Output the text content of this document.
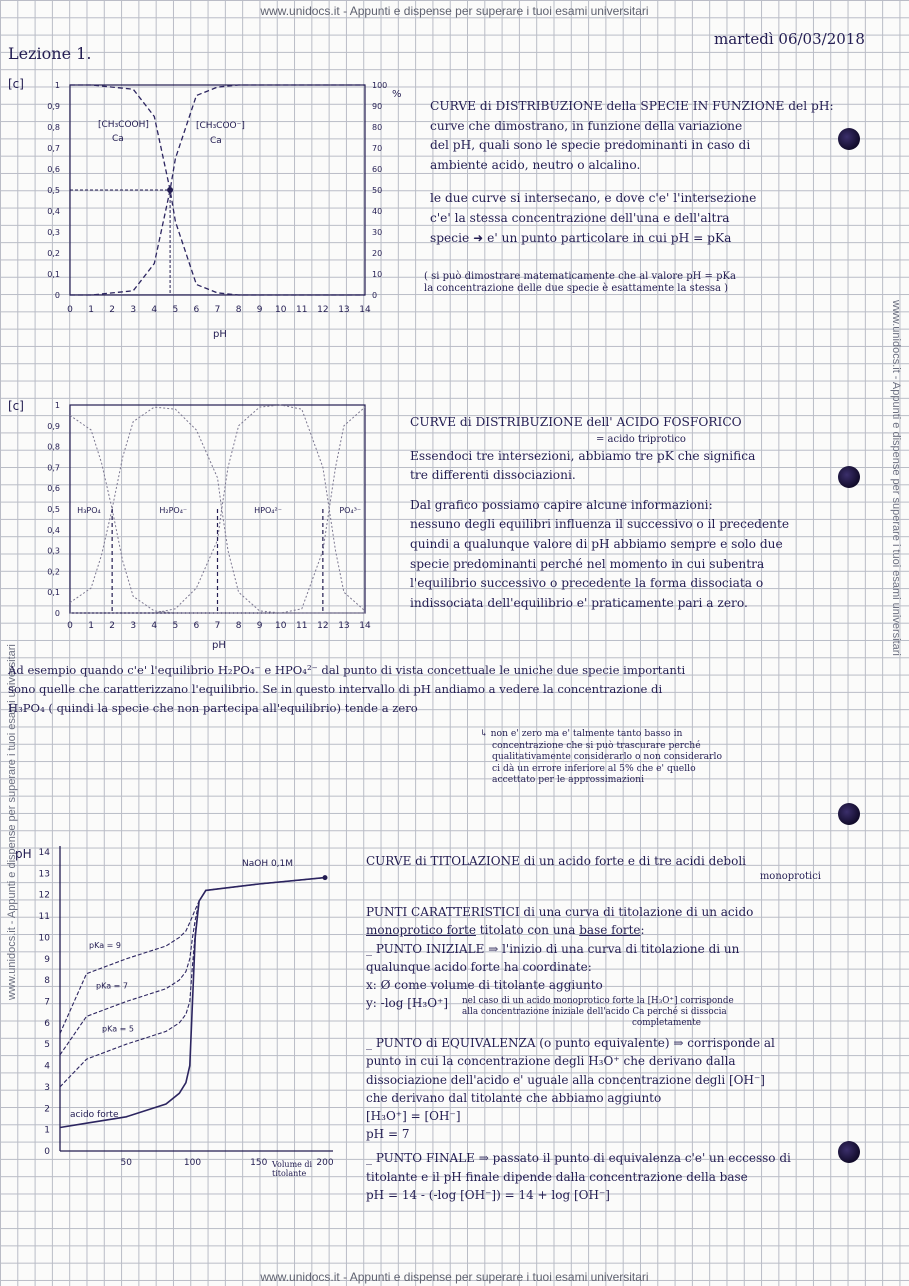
www.unidocs.it - Appunti e dispense per superare i tuoi esami universitari
www.unidocs.it - Appunti e dispense per superare i tuoi esami universitari
www.unidocs.it - Appunti e dispense per superare i tuoi esami universitari
www.unidocs.it - Appunti e dispense per superare i tuoi esami universitari
Lezione 1.
martedì 06/03/2018
[c]
%
pH
[CH₃COOH]
Ca
[CH₃COO⁻]
Ca
0 1 2 3 4 5 6 7 8 9 10 11 12 13 14
0
0,1
0,2
0,3
0,4
0,5
0,6
0,7
0,8
0,9
1
0
10
20
30
40
50
60
70
80
90
100
[c]
pH
0 1 2 3 4 5 6 7 8 9 10 11 12 13 14
0
0,1
0,2
0,3
0,4
0,5
0,6
0,7
0,8
0,9
1
H₃PO₄	H₂PO₄⁻	HPO₄²⁻	PO₄³⁻
pH
NaOH 0,1M
acido forte
0
1
2
3
4
5
6
7
8
9
10
11
12
13
14
50	100	150	200
pKa = 9
pKa = 7
pKa = 5
Volume di
titolante
CURVE di DISTRIBUZIONE della SPECIE IN FUNZIONE del pH:
curve che dimostrano, in funzione della variazione
del pH, quali sono le specie predominanti in caso di
ambiente acido, neutro o alcalino.
le due curve si intersecano, e dove c'e' l'intersezione
c'e' la stessa concentrazione dell'una e dell'altra
specie ➜ e' un punto particolare in cui pH = pKa
( si può dimostrare matematicamente che al valore pH = pKa
la concentrazione delle due specie è esattamente la stessa )
CURVE di DISTRIBUZIONE dell' ACIDO FOSFORICO
= acido triprotico
Essendoci tre intersezioni, abbiamo tre pK che significa
tre differenti dissociazioni.
Dal grafico possiamo capire alcune informazioni:
nessuno degli equilibri influenza il successivo o il precedente
quindi a qualunque valore di pH abbiamo sempre e solo due
specie predominanti perché nel momento in cui subentra
l'equilibrio successivo o precedente la forma dissociata o
indissociata dell'equilibrio e' praticamente pari a zero.
Ad esempio quando c'e' l'equilibrio H₂PO₄⁻ e HPO₄²⁻ dal punto di vista concettuale le uniche due specie importanti
sono quelle che caratterizzano l'equilibrio. Se in questo intervallo di pH andiamo a vedere la concentrazione di
H₃PO₄ ( quindi la specie che non partecipa all'equilibrio) tende a zero
↳ non e' zero ma e' talmente tanto basso in
concentrazione che si può trascurare perché
qualitativamente considerarlo o non considerarlo
ci dà un errore inferiore al 5% che e' quello
accettato per le approssimazioni
CURVE di TITOLAZIONE di un acido forte e di tre acidi deboli
monoprotici
PUNTI CARATTERISTICI di una curva di titolazione di un acido
monoprotico forte titolato con una base forte:
_ PUNTO INIZIALE ⇒ l'inizio di una curva di titolazione di un
qualunque acido forte ha coordinate:
x: Ø come volume di titolante aggiunto
y: -log [H₃O⁺] nel caso di un acido monoprotico forte la [H₃O⁺] corrisponde
alla concentrazione iniziale dell'acido Ca perché si dissocia
completamente
_ PUNTO di EQUIVALENZA (o punto equivalente) ⇒ corrisponde al
punto in cui la concentrazione degli H₃O⁺ che derivano dalla
dissociazione dell'acido e' uguale alla concentrazione degli [OH⁻]
che derivano dal titolante che abbiamo aggiunto
[H₃O⁺] = [OH⁻]
pH = 7
_ PUNTO FINALE ⇒ passato il punto di equivalenza c'e' un eccesso di
titolante e il pH finale dipende dalla concentrazione della base
pH = 14 - (-log [OH⁻]) = 14 + log [OH⁻]
